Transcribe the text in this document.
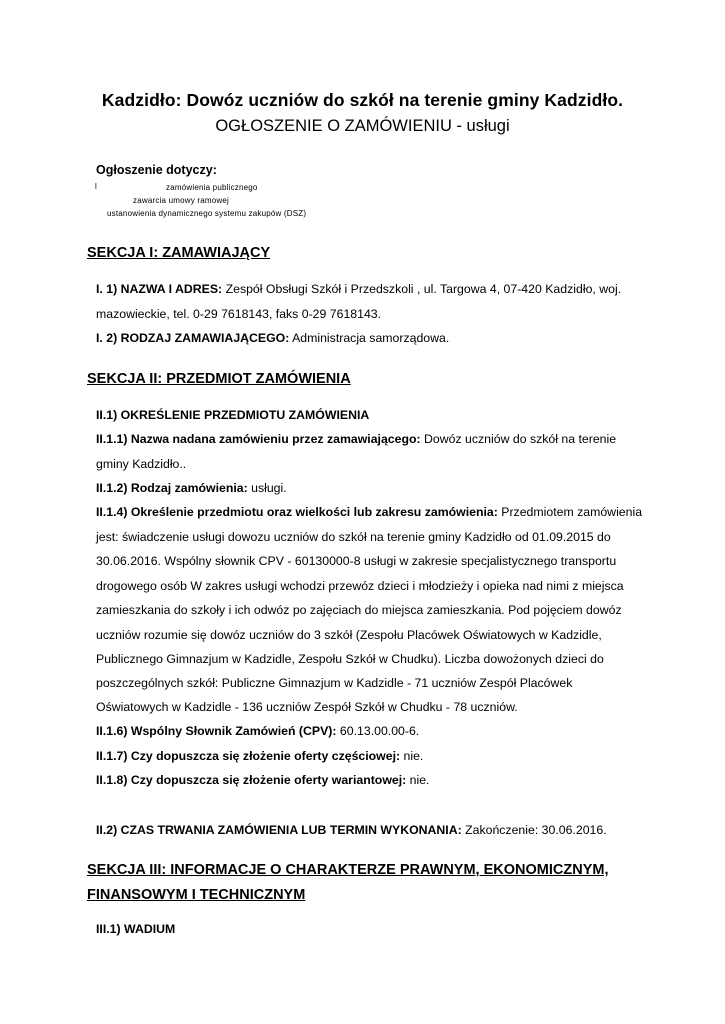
Kadzidło: Dowóz uczniów do szkół na terenie gminy Kadzidło.
OGŁOSZENIE O ZAMÓWIENIU - usługi
Ogłoszenie dotyczy:
l	zamówienia publicznego
zawarcia umowy ramowej
ustanowienia dynamicznego systemu zakupów (DSZ)
SEKCJA I: ZAMAWIAJĄCY
I. 1) NAZWA I ADRES: Zespół Obsługi Szkół i Przedszkoli , ul. Targowa 4, 07-420 Kadzidło, woj.
mazowieckie, tel. 0-29 7618143, faks 0-29 7618143.
I. 2) RODZAJ ZAMAWIAJĄCEGO: Administracja samorządowa.
SEKCJA II: PRZEDMIOT ZAMÓWIENIA
II.1) OKREŚLENIE PRZEDMIOTU ZAMÓWIENIA
II.1.1) Nazwa nadana zamówieniu przez zamawiającego: Dowóz uczniów do szkół na terenie
gminy Kadzidło..
II.1.2) Rodzaj zamówienia: usługi.
II.1.4) Określenie przedmiotu oraz wielkości lub zakresu zamówienia: Przedmiotem zamówienia
jest: świadczenie usługi dowozu uczniów do szkół na terenie gminy Kadzidło od 01.09.2015 do
30.06.2016. Wspólny słownik CPV - 60130000-8 usługi w zakresie specjalistycznego transportu
drogowego osób W zakres usługi wchodzi przewóz dzieci i młodzieży i opieka nad nimi z miejsca
zamieszkania do szkoły i ich odwóz po zajęciach do miejsca zamieszkania. Pod pojęciem dowóz
uczniów rozumie się dowóz uczniów do 3 szkół (Zespołu Placówek Oświatowych w Kadzidle,
Publicznego Gimnazjum w Kadzidle, Zespołu Szkół w Chudku). Liczba dowożonych dzieci do
poszczególnych szkół: Publiczne Gimnazjum w Kadzidle - 71 uczniów Zespół Placówek
Oświatowych w Kadzidle - 136 uczniów Zespół Szkół w Chudku - 78 uczniów.
II.1.6) Wspólny Słownik Zamówień (CPV): 60.13.00.00-6.
II.1.7) Czy dopuszcza się złożenie oferty częściowej: nie.
II.1.8) Czy dopuszcza się złożenie oferty wariantowej: nie.
II.2) CZAS TRWANIA ZAMÓWIENIA LUB TERMIN WYKONANIA: Zakończenie: 30.06.2016.
SEKCJA III: INFORMACJE O CHARAKTERZE PRAWNYM, EKONOMICZNYM,
FINANSOWYM I TECHNICZNYM
III.1) WADIUM
